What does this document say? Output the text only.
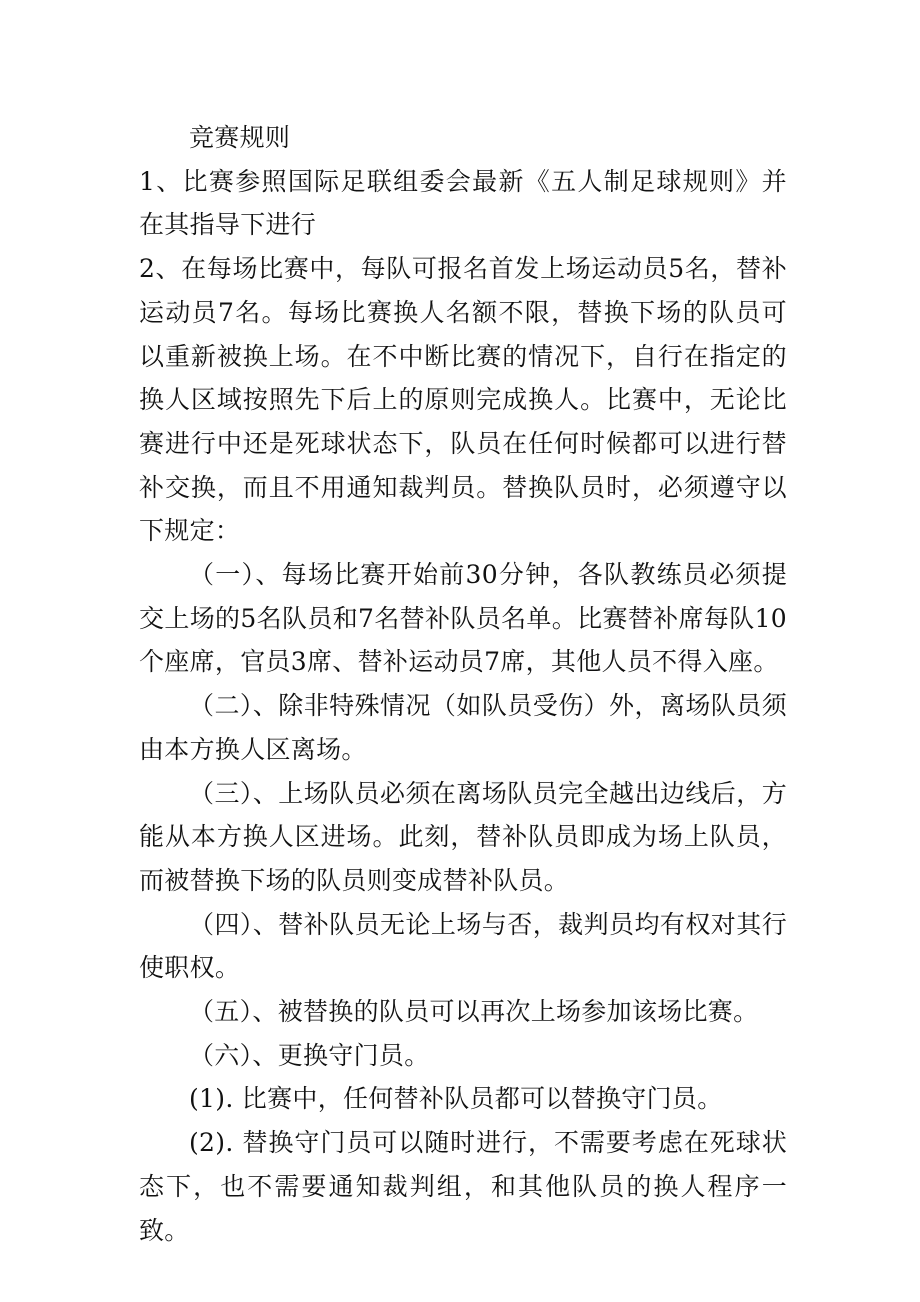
竞赛规则

1、比赛参照国际足联组委会最新《五人制足球规则》并在其指导下进行

2、在每场比赛中，每队可报名首发上场运动员5名，替补运动员7名。每场比赛换人名额不限，替换下场的队员可以重新被换上场。在不中断比赛的情况下，自行在指定的换人区域按照先下后上的原则完成换人。比赛中，无论比赛进行中还是死球状态下，队员在任何时候都可以进行替补交换，而且不用通知裁判员。替换队员时，必须遵守以下规定：

（一）、每场比赛开始前30分钟，各队教练员必须提交上场的5名队员和7名替补队员名单。比赛替补席每队10个座席，官员3席、替补运动员7席，其他人员不得入座。

（二）、除非特殊情况（如队员受伤）外，离场队员须由本方换人区离场。

（三）、上场队员必须在离场队员完全越出边线后，方能从本方换人区进场。此刻，替补队员即成为场上队员，而被替换下场的队员则变成替补队员。

（四）、替补队员无论上场与否，裁判员均有权对其行使职权。

（五）、被替换的队员可以再次上场参加该场比赛。

（六）、更换守门员。

(1). 比赛中，任何替补队员都可以替换守门员。

(2). 替换守门员可以随时进行，不需要考虑在死球状态下，也不需要通知裁判组，和其他队员的换人程序一致。
